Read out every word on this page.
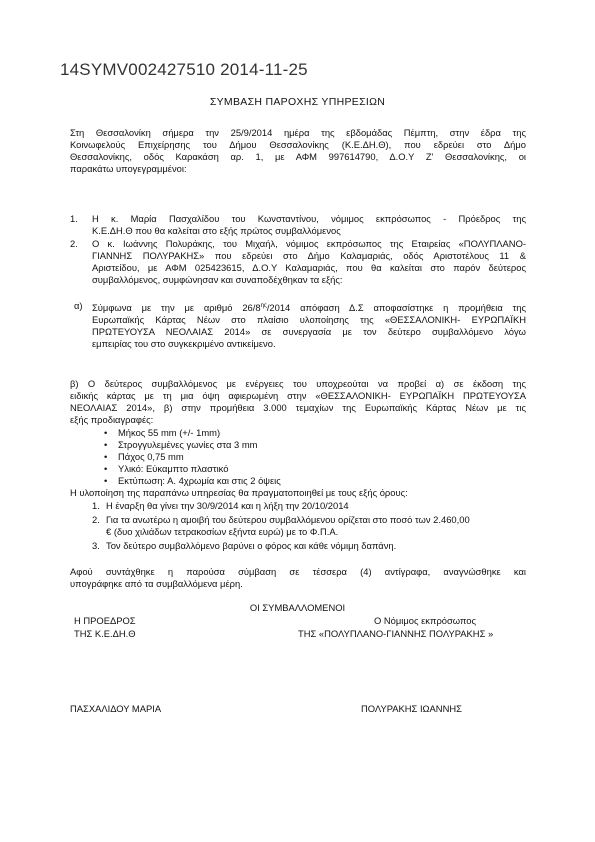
14SYMV002427510 2014-11-25
ΣΥΜΒΑΣΗ ΠΑΡΟΧΗΣ ΥΠΗΡΕΣΙΩΝ
Στη Θεσσαλονίκη σήμερα την 25/9/2014 ημέρα της εβδομάδας Πέμπτη, στην έδρα της
Κοινωφελούς Επιχείρησης του Δήμου Θεσσαλονίκης (Κ.Ε.ΔΗ.Θ), που εδρεύει στο Δήμο
Θεσσαλονίκης, οδός Καρακάση αρ. 1, με ΑΦΜ 997614790, Δ.Ο.Υ Ζ' Θεσσαλονίκης, οι
παρακάτω υπογεγραμμένοι:
1. Η κ. Μαρία Πασχαλίδου του Κωνσταντίνου, νόμιμος εκπρόσωπος - Πρόεδρος της
Κ.Ε.ΔΗ.Θ που θα καλείται στο εξής πρώτος συμβαλλόμενος
2. Ο κ. Ιωάννης Πολυράκης, του Μιχαήλ, νόμιμος εκπρόσωπος της Εταιρείας «ΠΟΛΥΠΛΑΝΟ-
ΓΙΑΝΝΗΣ ΠΟΛΥΡΑΚΗΣ» που εδρεύει στο Δήμο Καλαμαριάς, οδός Αριστοτέλους 11 &
Αριστείδου, με ΑΦΜ 025423615, Δ.Ο.Υ Καλαμαριάς, που θα καλείται στο παρόν δεύτερος
συμβαλλόμενος, συμφώνησαν και συναποδέχθηκαν τα εξής:
α) Σύμφωνα με την με αριθμό $26/8^{\eta\varsigma}/2014$ απόφαση Δ.Σ αποφασίστηκε η προμήθεια της
Ευρωπαϊκής Κάρτας Νέων στο πλαίσιο υλοποίησης της «ΘΕΣΣΑΛΟΝΙΚΗ- ΕΥΡΩΠΑΪΚΗ
ΠΡΩΤΕΥΟΥΣΑ ΝΕΟΛΑΙΑΣ 2014» σε συνεργασία με τον δεύτερο συμβαλλόμενο λόγω
εμπειρίας του στο συγκεκριμένο αντικείμενο.
β) Ο δεύτερος συμβαλλόμενος με ενέργειες του υποχρεούται να προβεί α) σε έκδοση της
ειδικής κάρτας με τη μια όψη αφιερωμένη στην «ΘΕΣΣΑΛΟΝΙΚΗ- ΕΥΡΩΠΑΪΚΗ ΠΡΩΤΕΥΟΥΣΑ
ΝΕΟΛΑΙΑΣ 2014», β) στην προμήθεια 3.000 τεμαχίων της Ευρωπαϊκής Κάρτας Νέων με τις
εξής προδιαγραφές:
• Μήκος 55 mm (+/- 1mm)
• Στρογγυλεμένες γωνίες στα 3 mm
• Πάχος 0,75 mm
• Υλικό: Εύκαμπτο πλαστικό
• Εκτύπωση: Α. 4χρωμία και στις 2 όψεις
Η υλοποίηση της παραπάνω υπηρεσίας θα πραγματοποιηθεί με τους εξής όρους:
1. Η έναρξη θα γίνει την 30/9/2014 και η λήξη την 20/10/2014
2. Για τα ανωτέρω η αμοιβή του δεύτερου συμβαλλόμενου ορίζεται στο ποσό των 2.460,00
€ (δυο χιλιάδων τετρακοσίων εξήντα ευρώ) με το Φ.Π.Α.
3. Τον δεύτερο συμβαλλόμενο βαρύνει ο φόρος και κάθε νόμιμη δαπάνη.
Αφού συντάχθηκε η παρούσα σύμβαση σε τέσσερα (4) αντίγραφα, αναγνώσθηκε και
υπογράφηκε από τα συμβαλλόμενα μέρη.
ΟΙ ΣΥΜΒΑΛΛΟΜΕΝΟΙ
Η ΠΡΟΕΔΡΟΣ
ΤΗΣ Κ.Ε.ΔΗ.Θ
Ο Νόμιμος εκπρόσωπος
ΤΗΣ «ΠΟΛΥΠΛΑΝΟ-ΓΙΑΝΝΗΣ ΠΟΛΥΡΑΚΗΣ »
ΠΑΣΧΑΛΙΔΟΥ ΜΑΡΙΑ	ΠΟΛΥΡΑΚΗΣ ΙΩΑΝΝΗΣ
